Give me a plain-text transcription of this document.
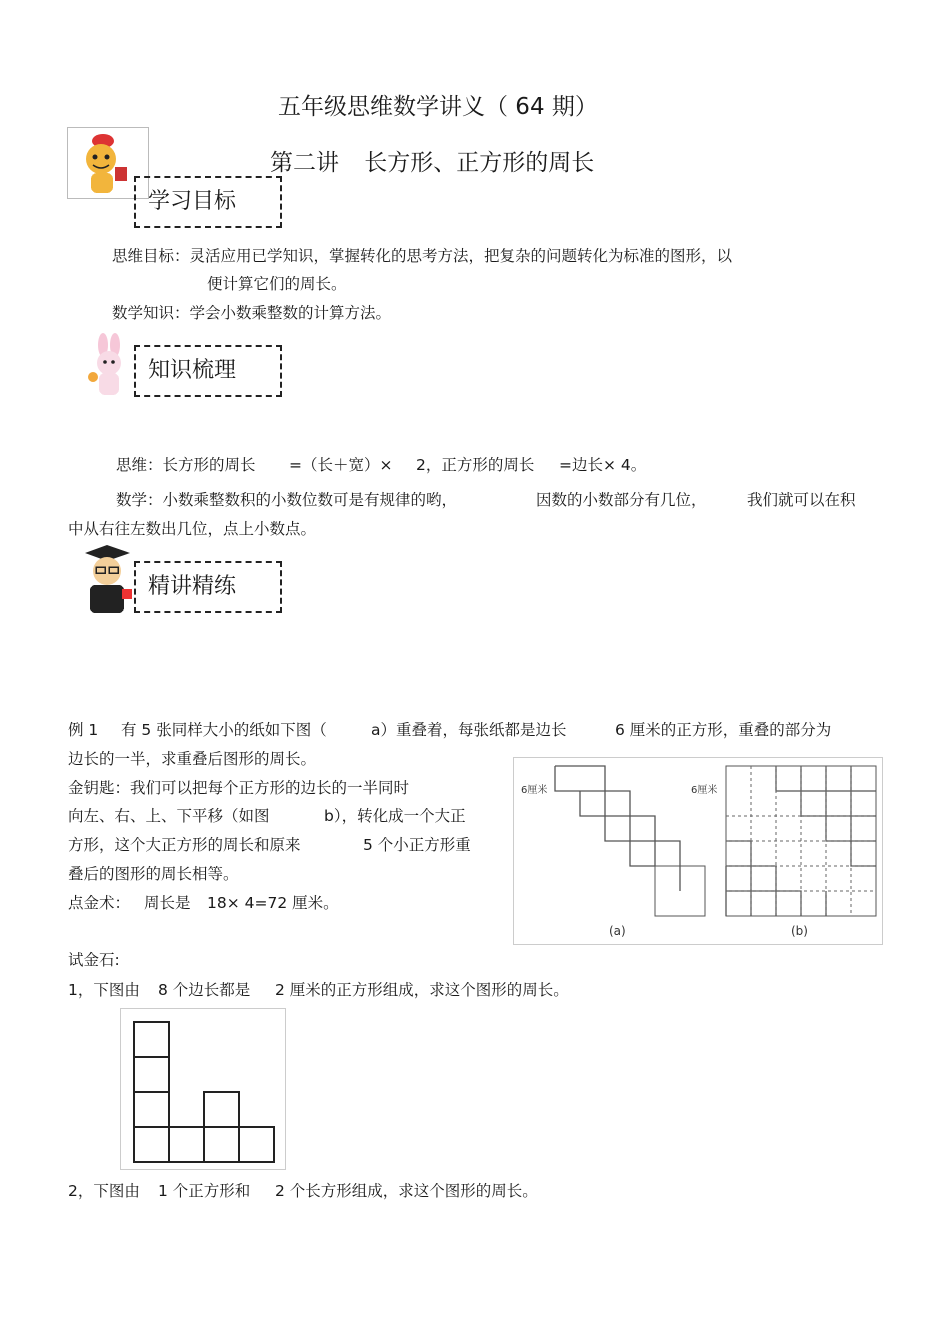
五年级思维数学讲义（ 64 期）
第二讲 长方形、正方形的周长
学习目标
思维目标：灵活应用已学知识，掌握转化的思考方法，把复杂的问题转化为标准的图形，以
便计算它们的周长。
数学知识：学会小数乘整数的计算方法。
知识梳理
思维：长方形的周长 =（长＋宽）× 2，正方形的周长 =边长× 4。
数学：小数乘整数积的小数位数可是有规律的哟，	因数的小数部分有几位，	我们就可以在积
中从右往左数出几位，点上小数点。
精讲精练
例 1 有 5 张同样大小的纸如下图（	a）重叠着，每张纸都是边长	6 厘米的正方形，重叠的部分为
边长的一半，求重叠后图形的周长。
金钥匙：我们可以把每个正方形的边长的一半同时
向左、右、上、下平移（如图	b），转化成一个大正
方形，这个大正方形的周长和原来	5 个小正方形重
叠后的图形的周长相等。
点金术： 周长是 18× 4=72 厘米。
6厘米
(a)
6厘米
(b)
试金石:
1，下图由 8 个边长都是 2 厘米的正方形组成，求这个图形的周长。
2，下图由 1 个正方形和 2 个长方形组成，求这个图形的周长。
